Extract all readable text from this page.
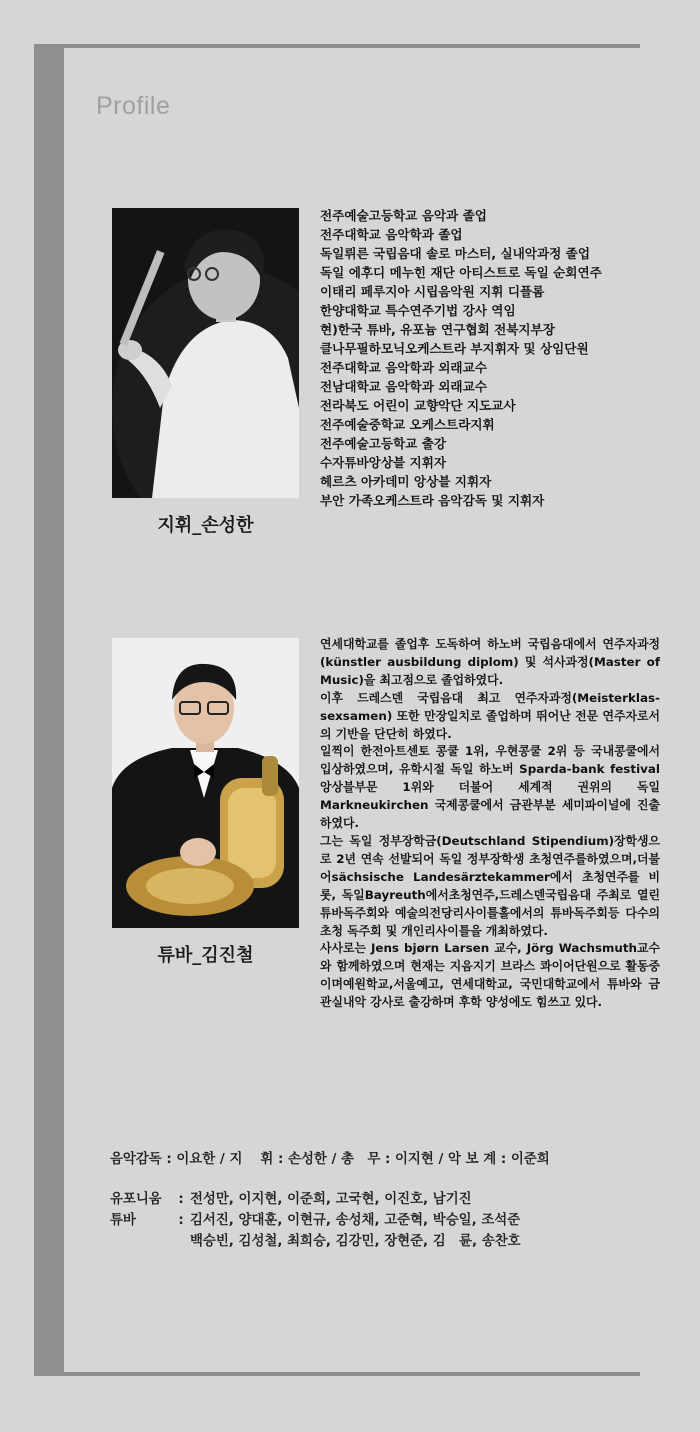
Profile
지휘_손성한
전주예술고등학교 음악과 졸업
전주대학교 음악학과 졸업
독일뤼른 국립음대 솔로 마스터, 실내악과정 졸업
독일 에후디 메누힌 재단 아티스트로 독일 순회연주
이태리 페루지아 시립음악원 지휘 디플롬
한양대학교 특수연주기법 강사 역임
현)한국 튜바, 유포늄 연구협회 전북지부장
클나무필하모닉오케스트라 부지휘자 및 상임단원
전주대학교 음악학과 외래교수
전남대학교 음악학과 외래교수
전라북도 어린이 교향악단 지도교사
전주예술중학교 오케스트라지휘
전주예술고등학교 출강
수자튜바앙상블 지휘자
헤르츠 아카데미 앙상블 지휘자
부안 가족오케스트라 음악감독 및 지휘자
튜바_김진철
연세대학교를 졸업후 도독하여 하노버 국립음대에서 연주자과정(künstler ausbildung diplom) 및 석사과정(Master of Music)을 최고점으로 졸업하였다.
이후 드레스덴 국립음대 최고 연주자과정(Meisterklas-sexsamen) 또한 만장일치로 졸업하며 뛰어난 전문 연주자로서의 기반을 단단히 하였다.
일찍이 한전아트센토 콩쿨 1위, 우현콩쿨 2위 등 국내콩쿨에서 입상하였으며, 유학시절 독일 하노버 Sparda-bank festival 앙상블부문 1위와 더불어 세계적 권위의 독일 Markneukirchen 국제콩쿨에서 금관부분 세미파이널에 진출하였다.
그는 독일 정부장학금(Deutschland Stipendium)장학생으로 2년 연속 선발되어 독일 정부장학생 초청연주를하였으며,더불어sächsische Landesärztekammer에서 초청연주를 비롯, 독일Bayreuth에서초청연주,드레스덴국립음대 주최로 열린 튜바독주회와 예술의전당리사이틀홀에서의 튜바독주회등 다수의초청 독주회 및 개인리사이틀을 개최하였다.
사사로는 Jens bjørn Larsen 교수, Jörg Wachsmuth교수와 함께하였으며 현재는 지음지기 브라스 콰이어단원으로 활동중이며예원학교,서울예고, 연세대학교, 국민대학교에서 튜바와 금관실내악 강사로 출강하며 후학 양성에도 힘쓰고 있다.
음악감독 : 이요한 / 지　 휘 : 손성한 / 총　무 : 이지현 / 악 보 계 : 이준희
유포니움	: 전성만, 이지현, 이준희, 고국현, 이진호, 남기진
튜바	: 김서진, 양대훈, 이현규, 송성채, 고준혁, 박승일, 조석준
백승빈, 김성철, 최희승, 김강민, 장현준, 김　륜, 송찬호
